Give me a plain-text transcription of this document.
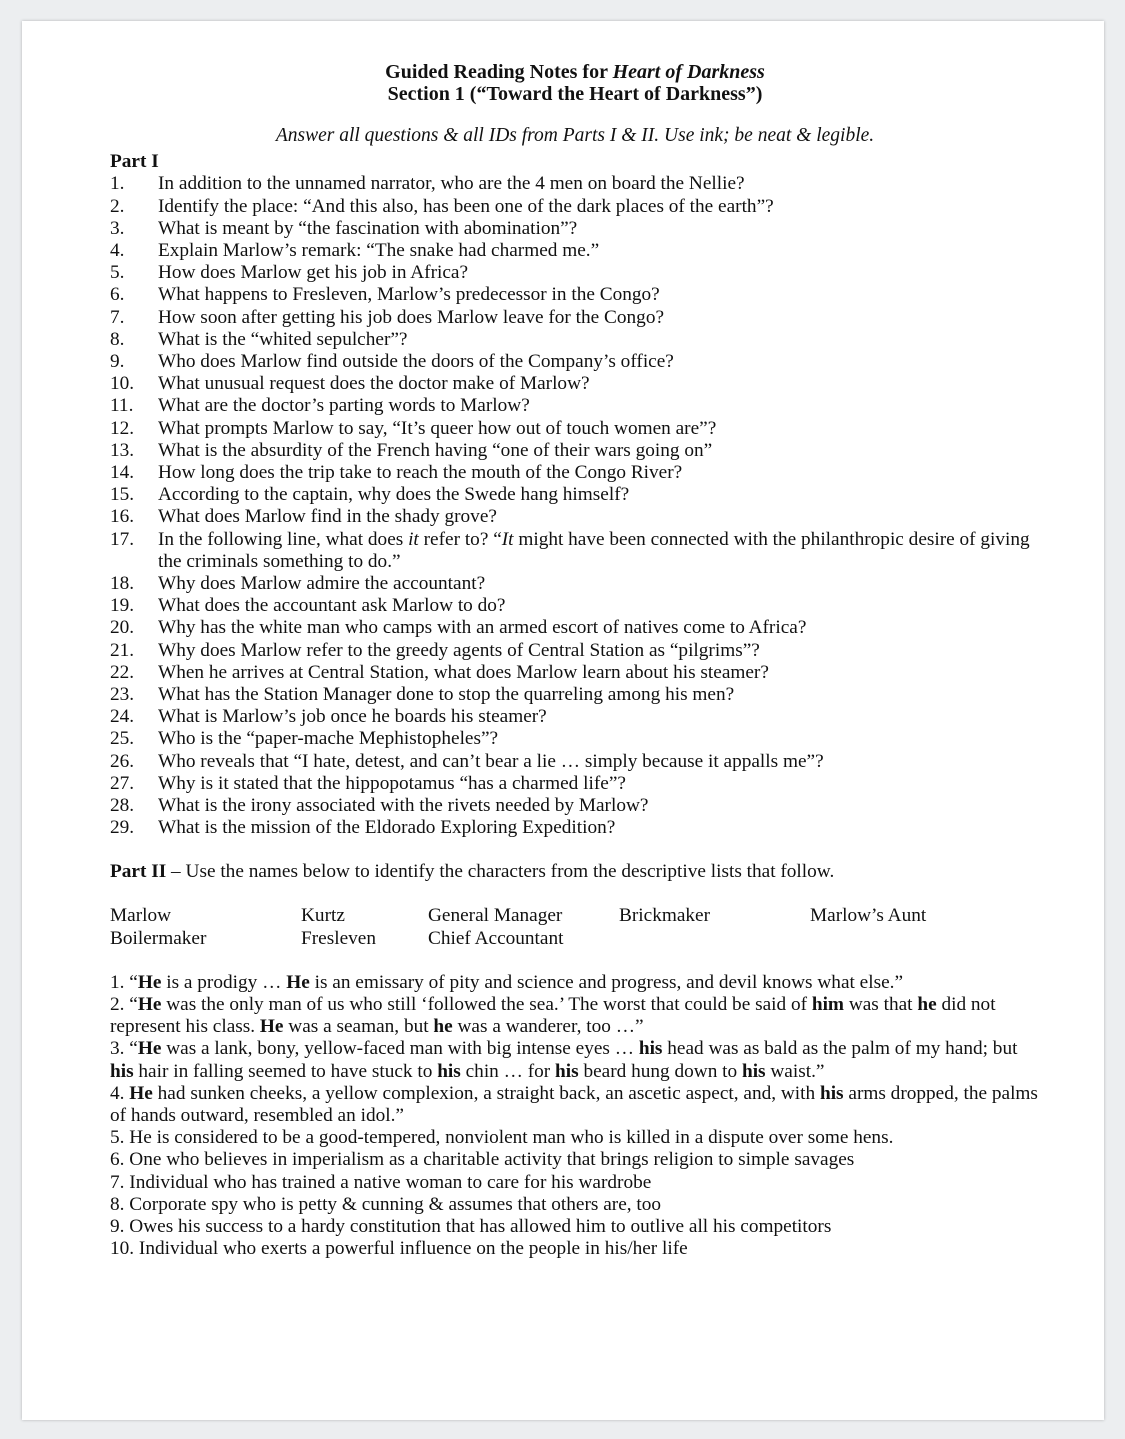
Guided Reading Notes for Heart of Darkness
Section 1 (“Toward the Heart of Darkness”)
Answer all questions & all IDs from Parts I & II. Use ink; be neat & legible.
Part I
1.	In addition to the unnamed narrator, who are the 4 men on board the Nellie?
2.	Identify the place: “And this also, has been one of the dark places of the earth”?
3.	What is meant by “the fascination with abomination”?
4.	Explain Marlow’s remark: “The snake had charmed me.”
5.	How does Marlow get his job in Africa?
6.	What happens to Fresleven, Marlow’s predecessor in the Congo?
7.	How soon after getting his job does Marlow leave for the Congo?
8.	What is the “whited sepulcher”?
9.	Who does Marlow find outside the doors of the Company’s office?
10.	What unusual request does the doctor make of Marlow?
11.	What are the doctor’s parting words to Marlow?
12.	What prompts Marlow to say, “It’s queer how out of touch women are”?
13.	What is the absurdity of the French having “one of their wars going on”
14.	How long does the trip take to reach the mouth of the Congo River?
15.	According to the captain, why does the Swede hang himself?
16.	What does Marlow find in the shady grove?
17.	In the following line, what does it refer to? “It might have been connected with the philanthropic desire of giving the criminals something to do.”
18.	Why does Marlow admire the accountant?
19.	What does the accountant ask Marlow to do?
20.	Why has the white man who camps with an armed escort of natives come to Africa?
21.	Why does Marlow refer to the greedy agents of Central Station as “pilgrims”?
22.	When he arrives at Central Station, what does Marlow learn about his steamer?
23.	What has the Station Manager done to stop the quarreling among his men?
24.	What is Marlow’s job once he boards his steamer?
25.	Who is the “paper-mache Mephistopheles”?
26.	Who reveals that “I hate, detest, and can’t bear a lie … simply because it appalls me”?
27.	Why is it stated that the hippopotamus “has a charmed life”?
28.	What is the irony associated with the rivets needed by Marlow?
29.	What is the mission of the Eldorado Exploring Expedition?
Part II – Use the names below to identify the characters from the descriptive lists that follow.
Marlow	Kurtz	General Manager	Brickmaker	Marlow’s Aunt
Boilermaker	Fresleven	Chief Accountant
1. “He is a prodigy … He is an emissary of pity and science and progress, and devil knows what else.”
2. “He was the only man of us who still ‘followed the sea.’ The worst that could be said of him was that he did not represent his class. He was a seaman, but he was a wanderer, too …”
3. “He was a lank, bony, yellow-faced man with big intense eyes … his head was as bald as the palm of my hand; but his hair in falling seemed to have stuck to his chin … for his beard hung down to his waist.”
4. He had sunken cheeks, a yellow complexion, a straight back, an ascetic aspect, and, with his arms dropped, the palms of hands outward, resembled an idol.”
5. He is considered to be a good-tempered, nonviolent man who is killed in a dispute over some hens.
6. One who believes in imperialism as a charitable activity that brings religion to simple savages
7. Individual who has trained a native woman to care for his wardrobe
8. Corporate spy who is petty & cunning & assumes that others are, too
9. Owes his success to a hardy constitution that has allowed him to outlive all his competitors
10. Individual who exerts a powerful influence on the people in his/her life
